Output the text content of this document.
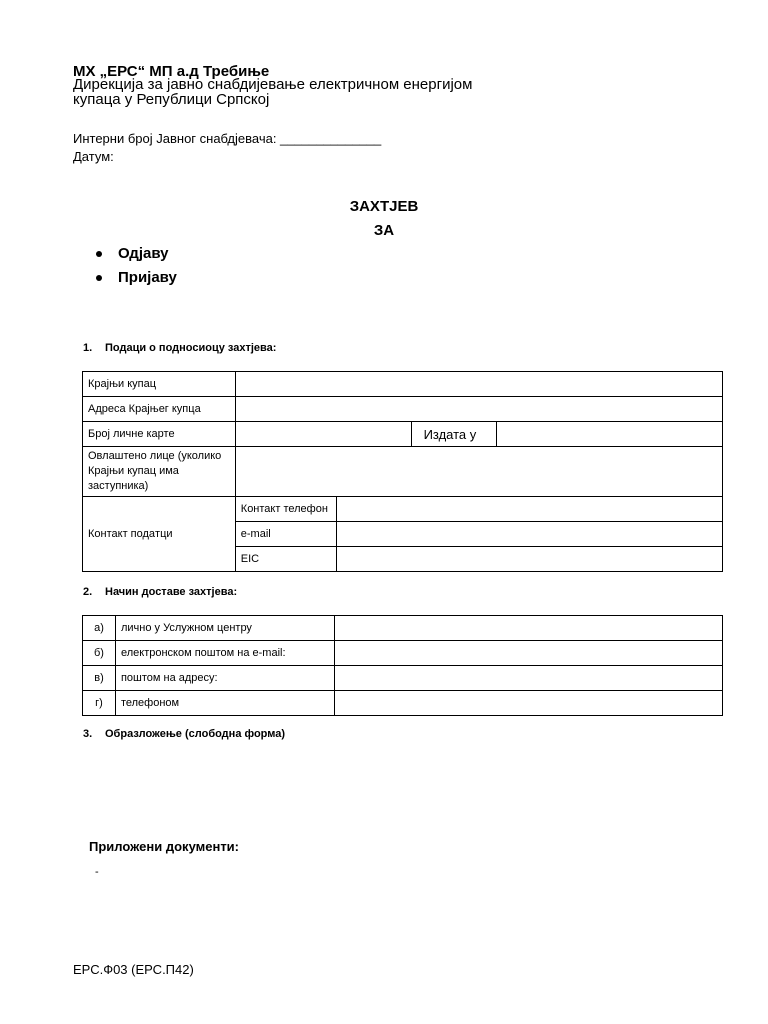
МХ „ЕРС“ МП а.д Требиње
Дирекција за јавно снабдијевање електричном енергијом
купаца у Републици Српској
Интерни број Јавног снабдјевача: ______________
Датум:
ЗАХТЈЕВ
ЗА
Одјаву
Пријаву
1. Подаци о подносиоцу захтјева:
Крајњи купац				
Адреса Крајњег купца				
Број личне карте			Издата у	
Овлаштено лице (уколико Крајњи купац има заступника)				
Контакт подaтци	Контакт телефон			
	e-mail			
	EIC			
2. Начин доставе захтјева:
а)	лично у Услужном центру	
б)	електронском поштом на e-mail:	
в)	поштом на адресу:	
г)	телефоном	
3. Образложење (слободна форма)
Приложени документи:
-
ЕРС.Ф03 (ЕРС.П42)
